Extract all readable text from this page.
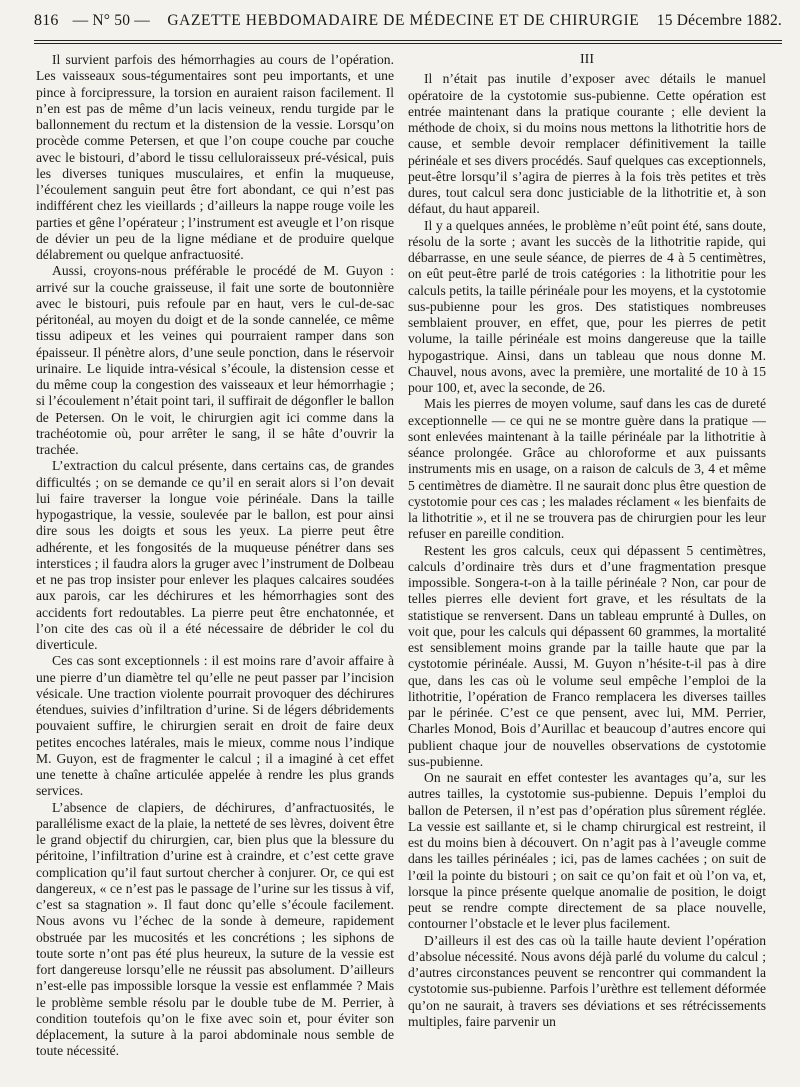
816 — N° 50 —	GAZETTE HEBDOMADAIRE DE MÉDECINE ET DE CHIRURGIE	15 Décembre 1882.

Il survient parfois des hémorrhagies au cours de l’opération. Les vaisseaux sous-tégumentaires sont peu importants, et une pince à forcipressure, la torsion en auraient raison facilement. Il n’en est pas de même d’un lacis veineux, rendu turgide par le ballonnement du rectum et la distension de la vessie. Lorsqu’on procède comme Petersen, et que l’on coupe couche par couche avec le bistouri, d’abord le tissu celluloraisseux pré-vésical, puis les diverses tuniques musculaires, et enfin la muqueuse, l’écoulement sanguin peut être fort abondant, ce qui n’est pas indifférent chez les vieillards ; d’ailleurs la nappe rouge voile les parties et gêne l’opérateur ; l’instrument est aveugle et l’on risque de dévier un peu de la ligne médiane et de produire quelque délabrement ou quelque anfractuosité.

Aussi, croyons-nous préférable le procédé de M. Guyon : arrivé sur la couche graisseuse, il fait une sorte de boutonnière avec le bistouri, puis refoule par en haut, vers le cul-de-sac péritonéal, au moyen du doigt et de la sonde cannelée, ce même tissu adipeux et les veines qui pourraient ramper dans son épaisseur. Il pénètre alors, d’une seule ponction, dans le réservoir urinaire. Le liquide intra-vésical s’écoule, la distension cesse et du même coup la congestion des vaisseaux et leur hémorrhagie ; si l’écoulement n’était point tari, il suffirait de dégonfler le ballon de Petersen. On le voit, le chirurgien agit ici comme dans la trachéotomie où, pour arrêter le sang, il se hâte d’ouvrir la trachée.

L’extraction du calcul présente, dans certains cas, de grandes difficultés ; on se demande ce qu’il en serait alors si l’on devait lui faire traverser la longue voie périnéale. Dans la taille hypogastrique, la vessie, soulevée par le ballon, est pour ainsi dire sous les doigts et sous les yeux. La pierre peut être adhérente, et les fongosités de la muqueuse pénétrer dans ses interstices ; il faudra alors la gruger avec l’instrument de Dolbeau et ne pas trop insister pour enlever les plaques calcaires soudées aux parois, car les déchirures et les hémorrhagies sont des accidents fort redoutables. La pierre peut être enchatonnée, et l’on cite des cas où il a été nécessaire de débrider le col du diverticule.

Ces cas sont exceptionnels : il est moins rare d’avoir affaire à une pierre d’un diamètre tel qu’elle ne peut passer par l’incision vésicale. Une traction violente pourrait provoquer des déchirures étendues, suivies d’infiltration d’urine. Si de légers débridements pouvaient suffire, le chirurgien serait en droit de faire deux petites encoches latérales, mais le mieux, comme nous l’indique M. Guyon, est de fragmenter le calcul ; il a imaginé à cet effet une tenette à chaîne articulée appelée à rendre les plus grands services.

L’absence de clapiers, de déchirures, d’anfractuosités, le parallélisme exact de la plaie, la netteté de ses lèvres, doivent être le grand objectif du chirurgien, car, bien plus que la blessure du péritoine, l’infiltration d’urine est à craindre, et c’est cette grave complication qu’il faut surtout chercher à conjurer. Or, ce qui est dangereux, « ce n’est pas le passage de l’urine sur les tissus à vif, c’est sa stagnation ». Il faut donc qu’elle s’écoule facilement. Nous avons vu l’échec de la sonde à demeure, rapidement obstruée par les mucosités et les concrétions ; les siphons de toute sorte n’ont pas été plus heureux, la suture de la vessie est fort dangereuse lorsqu’elle ne réussit pas absolument. D’ailleurs n’est-elle pas impossible lorsque la vessie est enflammée ? Mais le problème semble résolu par le double tube de M. Perrier, à condition toutefois qu’on le fixe avec soin et, pour éviter son déplacement, la suture à la paroi abdominale nous semble de toute nécessité.

III

Il n’était pas inutile d’exposer avec détails le manuel opératoire de la cystotomie sus-pubienne. Cette opération est entrée maintenant dans la pratique courante ; elle devient la méthode de choix, si du moins nous mettons la lithotritie hors de cause, et semble devoir remplacer définitivement la taille périnéale et ses divers procédés. Sauf quelques cas exceptionnels, peut-être lorsqu’il s’agira de pierres à la fois très petites et très dures, tout calcul sera donc justiciable de la lithotritie et, à son défaut, du haut appareil.

Il y a quelques années, le problème n’eût point été, sans doute, résolu de la sorte ; avant les succès de la lithotritie rapide, qui débarrasse, en une seule séance, de pierres de 4 à 5 centimètres, on eût peut-être parlé de trois catégories : la lithotritie pour les calculs petits, la taille périnéale pour les moyens, et la cystotomie sus-pubienne pour les gros. Des statistiques nombreuses semblaient prouver, en effet, que, pour les pierres de petit volume, la taille périnéale est moins dangereuse que la taille hypogastrique. Ainsi, dans un tableau que nous donne M. Chauvel, nous avons, avec la première, une mortalité de 10 à 15 pour 100, et, avec la seconde, de 26.

Mais les pierres de moyen volume, sauf dans les cas de dureté exceptionnelle — ce qui ne se montre guère dans la pratique — sont enlevées maintenant à la taille périnéale par la lithotritie à séance prolongée. Grâce au chloroforme et aux puissants instruments mis en usage, on a raison de calculs de 3, 4 et même 5 centimètres de diamètre. Il ne saurait donc plus être question de cystotomie pour ces cas ; les malades réclament « les bienfaits de la lithotritie », et il ne se trouvera pas de chirurgien pour les leur refuser en pareille condition.

Restent les gros calculs, ceux qui dépassent 5 centimètres, calculs d’ordinaire très durs et d’une fragmentation presque impossible. Songera-t-on à la taille périnéale ? Non, car pour de telles pierres elle devient fort grave, et les résultats de la statistique se renversent. Dans un tableau emprunté à Dulles, on voit que, pour les calculs qui dépassent 60 grammes, la mortalité est sensiblement moins grande par la taille haute que par la cystotomie périnéale. Aussi, M. Guyon n’hésite-t-il pas à dire que, dans les cas où le volume seul empêche l’emploi de la lithotritie, l’opération de Franco remplacera les diverses tailles par le périnée. C’est ce que pensent, avec lui, MM. Perrier, Charles Monod, Bois d’Aurillac et beaucoup d’autres encore qui publient chaque jour de nouvelles observations de cystotomie sus-pubienne.

On ne saurait en effet contester les avantages qu’a, sur les autres tailles, la cystotomie sus-pubienne. Depuis l’emploi du ballon de Petersen, il n’est pas d’opération plus sûrement réglée. La vessie est saillante et, si le champ chirurgical est restreint, il est du moins bien à découvert. On n’agit pas à l’aveugle comme dans les tailles périnéales ; ici, pas de lames cachées ; on suit de l’œil la pointe du bistouri ; on sait ce qu’on fait et où l’on va, et, lorsque la pince présente quelque anomalie de position, le doigt peut se rendre compte directement de sa place nouvelle, contourner l’obstacle et le lever plus facilement.

D’ailleurs il est des cas où la taille haute devient l’opération d’absolue nécessité. Nous avons déjà parlé du volume du calcul ; d’autres circonstances peuvent se rencontrer qui commandent la cystotomie sus-pubienne. Parfois l’urèthre est tellement déformée qu’on ne saurait, à travers ses déviations et ses rétrécissements multiples, faire parvenir un
